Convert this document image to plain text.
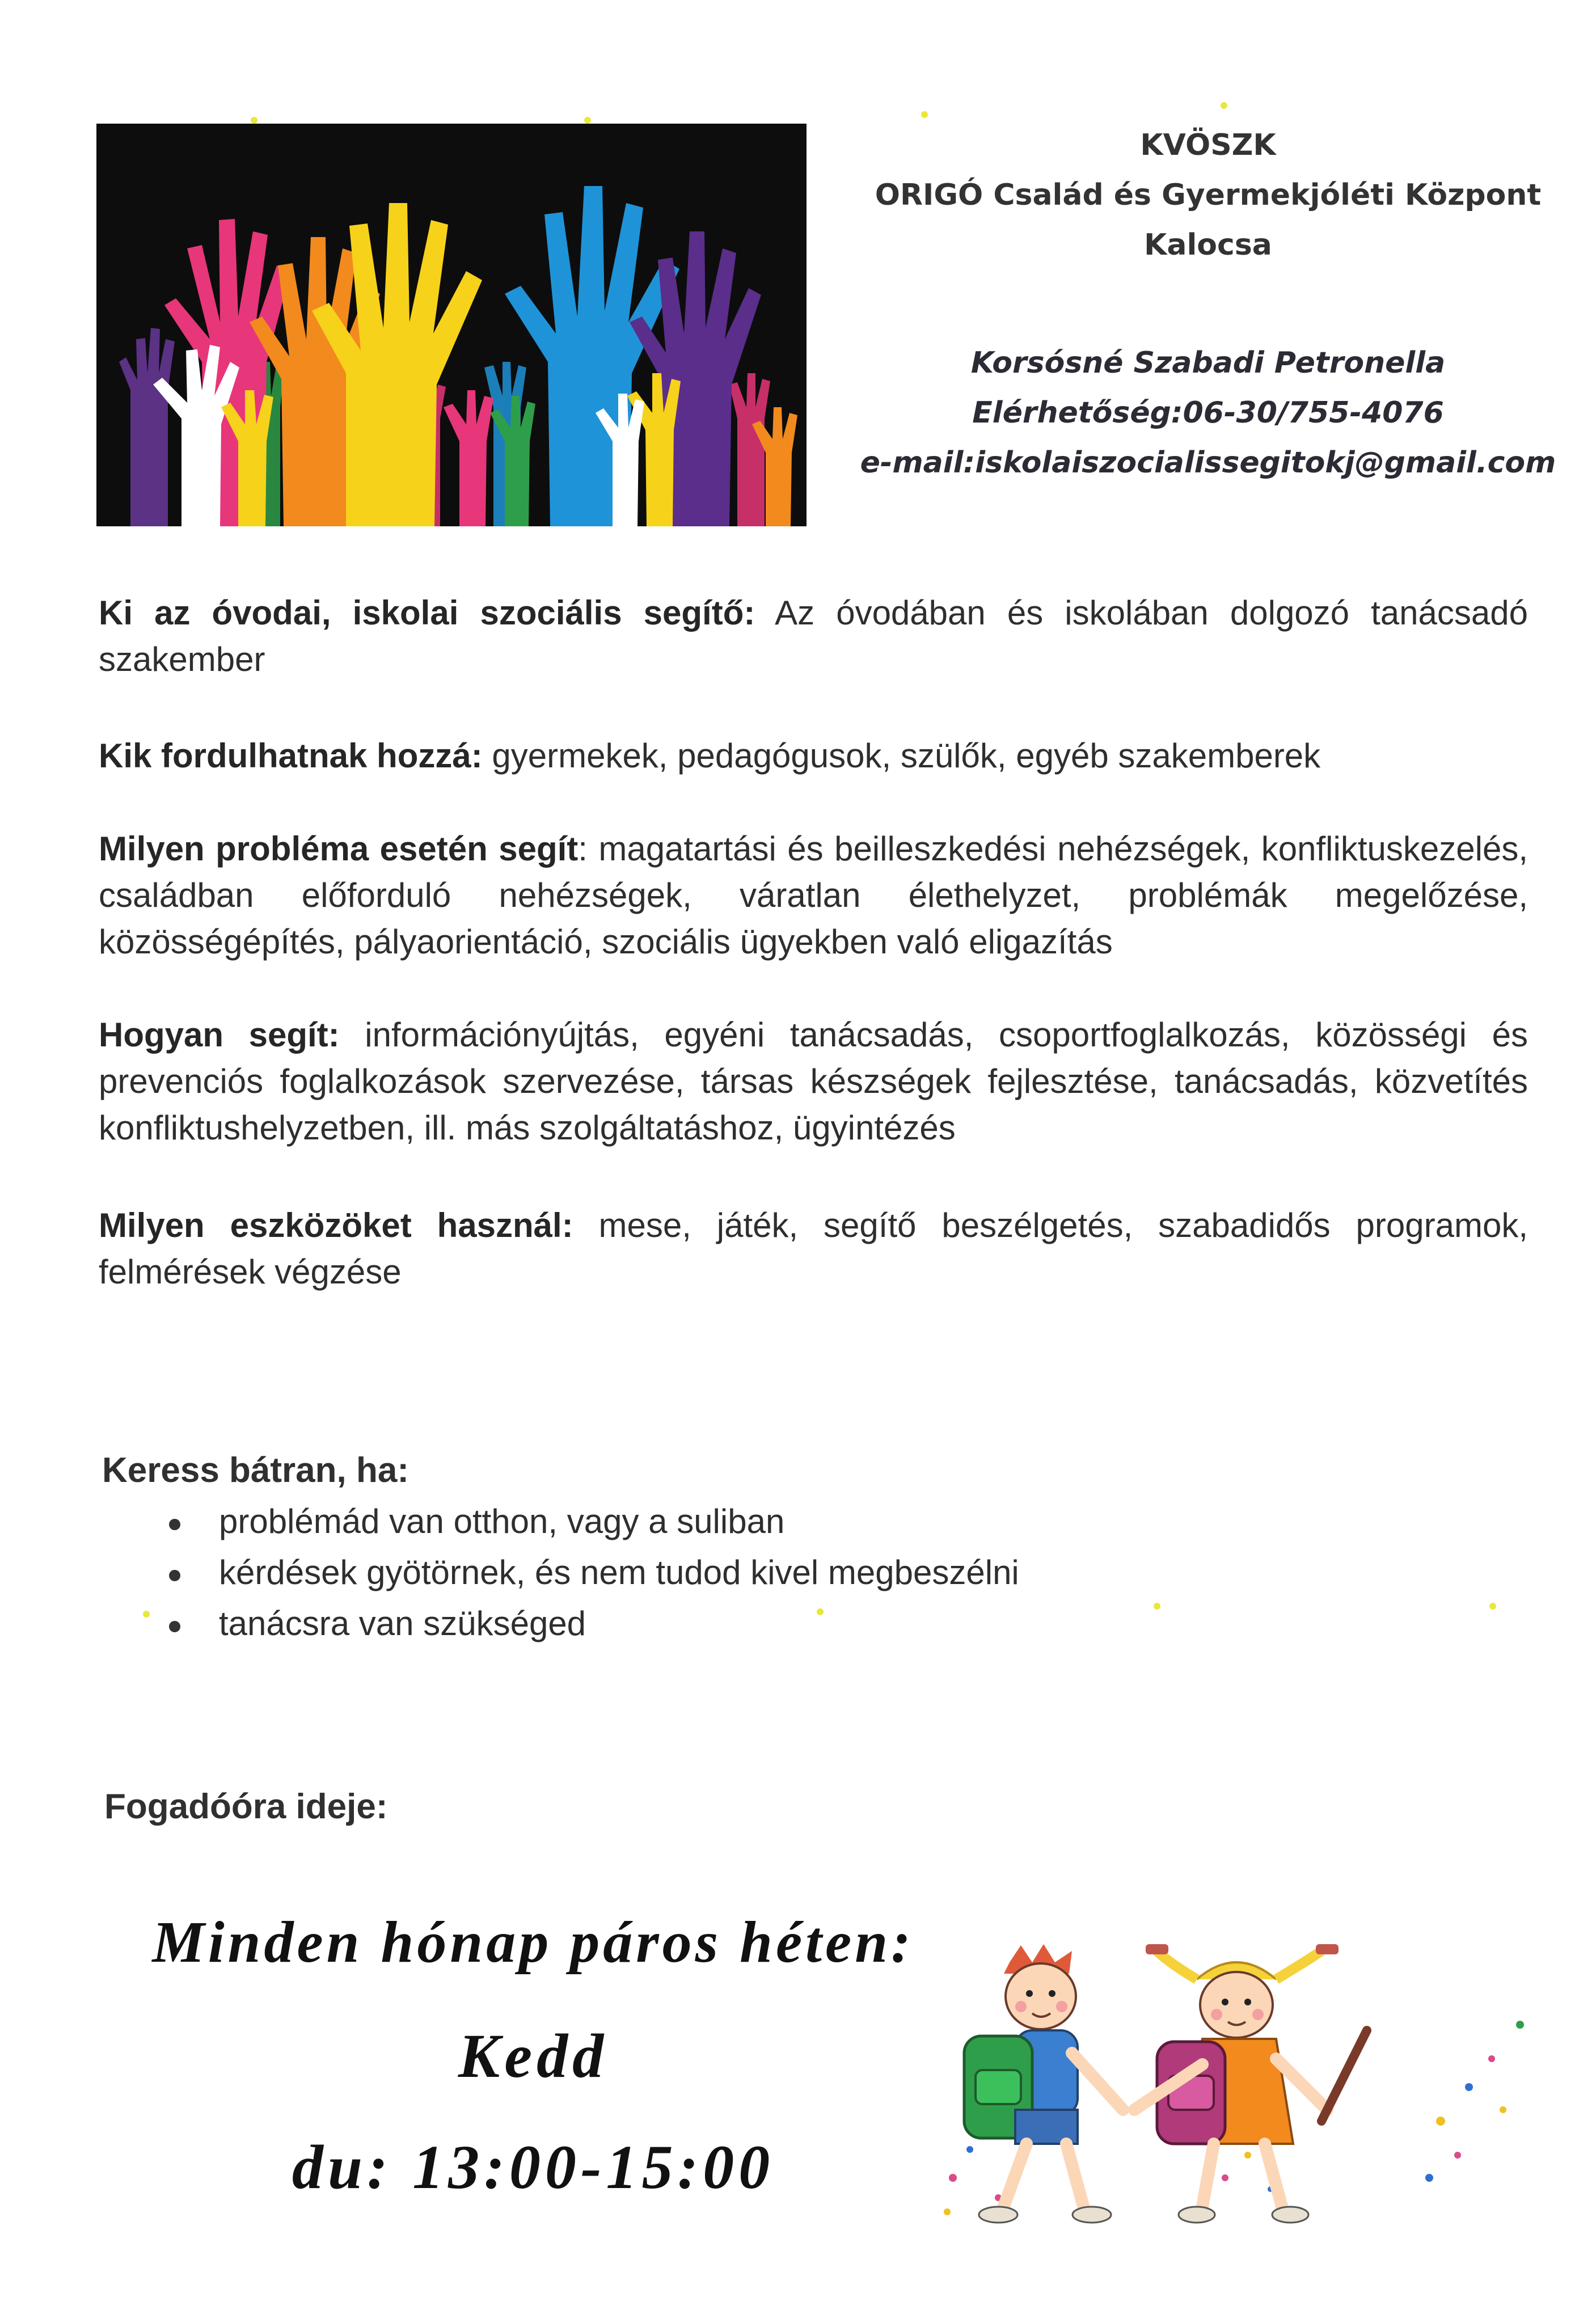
KVÖSZK
ORIGÓ Család és Gyermekjóléti Központ
Kalocsa
Korsósné Szabadi Petronella
Elérhetőség:06-30/755-4076
e-mail:iskolaiszocialissegitokj@gmail.com
Ki az óvodai, iskolai szociális segítő: Az óvodában és iskolában dolgozó tanácsadó szakember
Kik fordulhatnak hozzá: gyermekek, pedagógusok, szülők, egyéb szakemberek
Milyen probléma esetén segít: magatartási és beilleszkedési nehézségek, konfliktuskezelés, családban előforduló nehézségek, váratlan élethelyzet, problémák megelőzése, közösségépítés, pályaorientáció, szociális ügyekben való eligazítás
Hogyan segít: információnyújtás, egyéni tanácsadás, csoportfoglalkozás, közösségi és prevenciós foglalkozások szervezése, társas készségek fejlesztése, tanácsadás, közvetítés konfliktushelyzetben, ill. más szolgáltatáshoz, ügyintézés
Milyen eszközöket használ: mese, játék, segítő beszélgetés, szabadidős programok, felmérések végzése
Keress bátran, ha:
problémád van otthon, vagy a suliban
kérdések gyötörnek, és nem tudod kivel megbeszélni
tanácsra van szükséged
Fogadóóra ideje:
Minden hónap páros héten:
Kedd
du: 13:00-15:00
